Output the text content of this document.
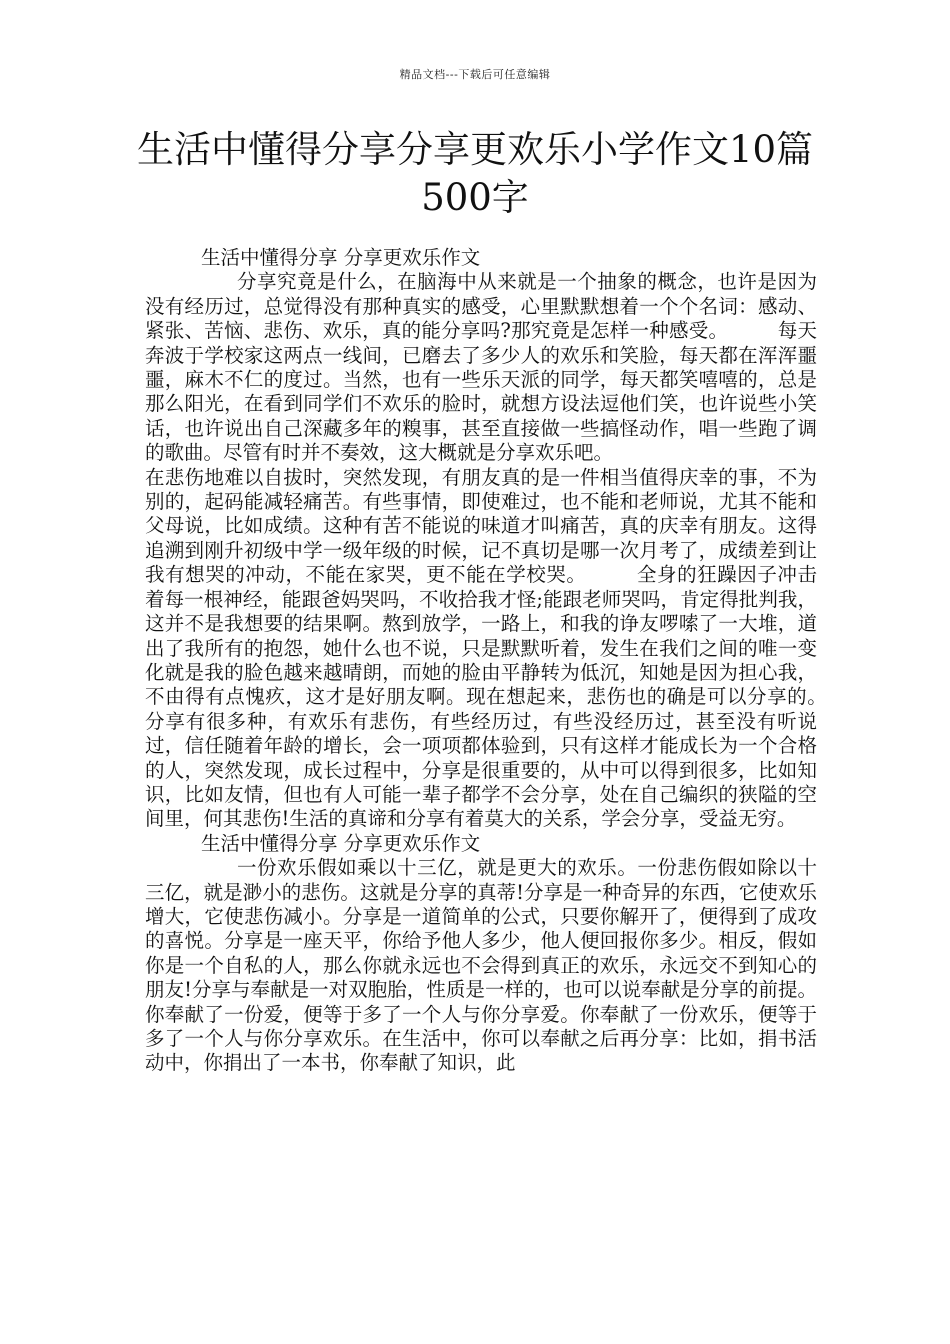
精品文档---下载后可任意编辑
生活中懂得分享分享更欢乐小学作文10篇500字

生活中懂得分享 分享更欢乐作文

分享究竟是什么，在脑海中从来就是一个抽象的概念，也许是因为没有经历过，总觉得没有那种真实的感受，心里默默想着一个个名词：感动、紧张、苦恼、悲伤、欢乐，真的能分享吗?那究竟是怎样一种感受。　　　每天奔波于学校家这两点一线间，已磨去了多少人的欢乐和笑脸，每天都在浑浑噩噩，麻木不仁的度过。当然，也有一些乐天派的同学，每天都笑嘻嘻的，总是那么阳光，在看到同学们不欢乐的脸时，就想方设法逗他们笑，也许说些小笑话，也许说出自己深藏多年的糗事，甚至直接做一些搞怪动作，唱一些跑了调的歌曲。尽管有时并不奏效，这大概就是分享欢乐吧。

在悲伤地难以自拔时，突然发现，有朋友真的是一件相当值得庆幸的事，不为别的，起码能减轻痛苦。有些事情，即使难过，也不能和老师说，尤其不能和父母说，比如成绩。这种有苦不能说的味道才叫痛苦，真的庆幸有朋友。这得追溯到刚升初级中学一级年级的时候，记不真切是哪一次月考了，成绩差到让我有想哭的冲动，不能在家哭，更不能在学校哭。　　　全身的狂躁因子冲击着每一根神经，能跟爸妈哭吗，不收拾我才怪;能跟老师哭吗，肯定得批判我，这并不是我想要的结果啊。熬到放学，一路上，和我的诤友啰嗦了一大堆，道出了我所有的抱怨，她什么也不说，只是默默听着，发生在我们之间的唯一变化就是我的脸色越来越晴朗，而她的脸由平静转为低沉，知她是因为担心我，不由得有点愧疚，这才是好朋友啊。现在想起来，悲伤也的确是可以分享的。　　　分享有很多种，有欢乐有悲伤，有些经历过，有些没经历过，甚至没有听说过，信任随着年龄的增长，会一项项都体验到，只有这样才能成长为一个合格的人，突然发现，成长过程中，分享是很重要的，从中可以得到很多，比如知识，比如友情，但也有人可能一辈子都学不会分享，处在自己编织的狭隘的空间里，何其悲伤!生活的真谛和分享有着莫大的关系，学会分享，受益无穷。

生活中懂得分享 分享更欢乐作文

一份欢乐假如乘以十三亿，就是更大的欢乐。一份悲伤假如除以十三亿，就是渺小的悲伤。这就是分享的真蒂!分享是一种奇异的东西，它使欢乐增大，它使悲伤减小。分享是一道简单的公式，只要你解开了，便得到了成攻的喜悦。分享是一座天平，你给予他人多少，他人便回报你多少。相反，假如你是一个自私的人，那么你就永远也不会得到真正的欢乐，永远交不到知心的朋友!分享与奉献是一对双胞胎，性质是一样的，也可以说奉献是分享的前提。你奉献了一份爱，便等于多了一个人与你分享爱。你奉献了一份欢乐，便等于多了一个人与你分享欢乐。在生活中，你可以奉献之后再分享：比如，捐书活动中，你捐出了一本书，你奉献了知识，此
